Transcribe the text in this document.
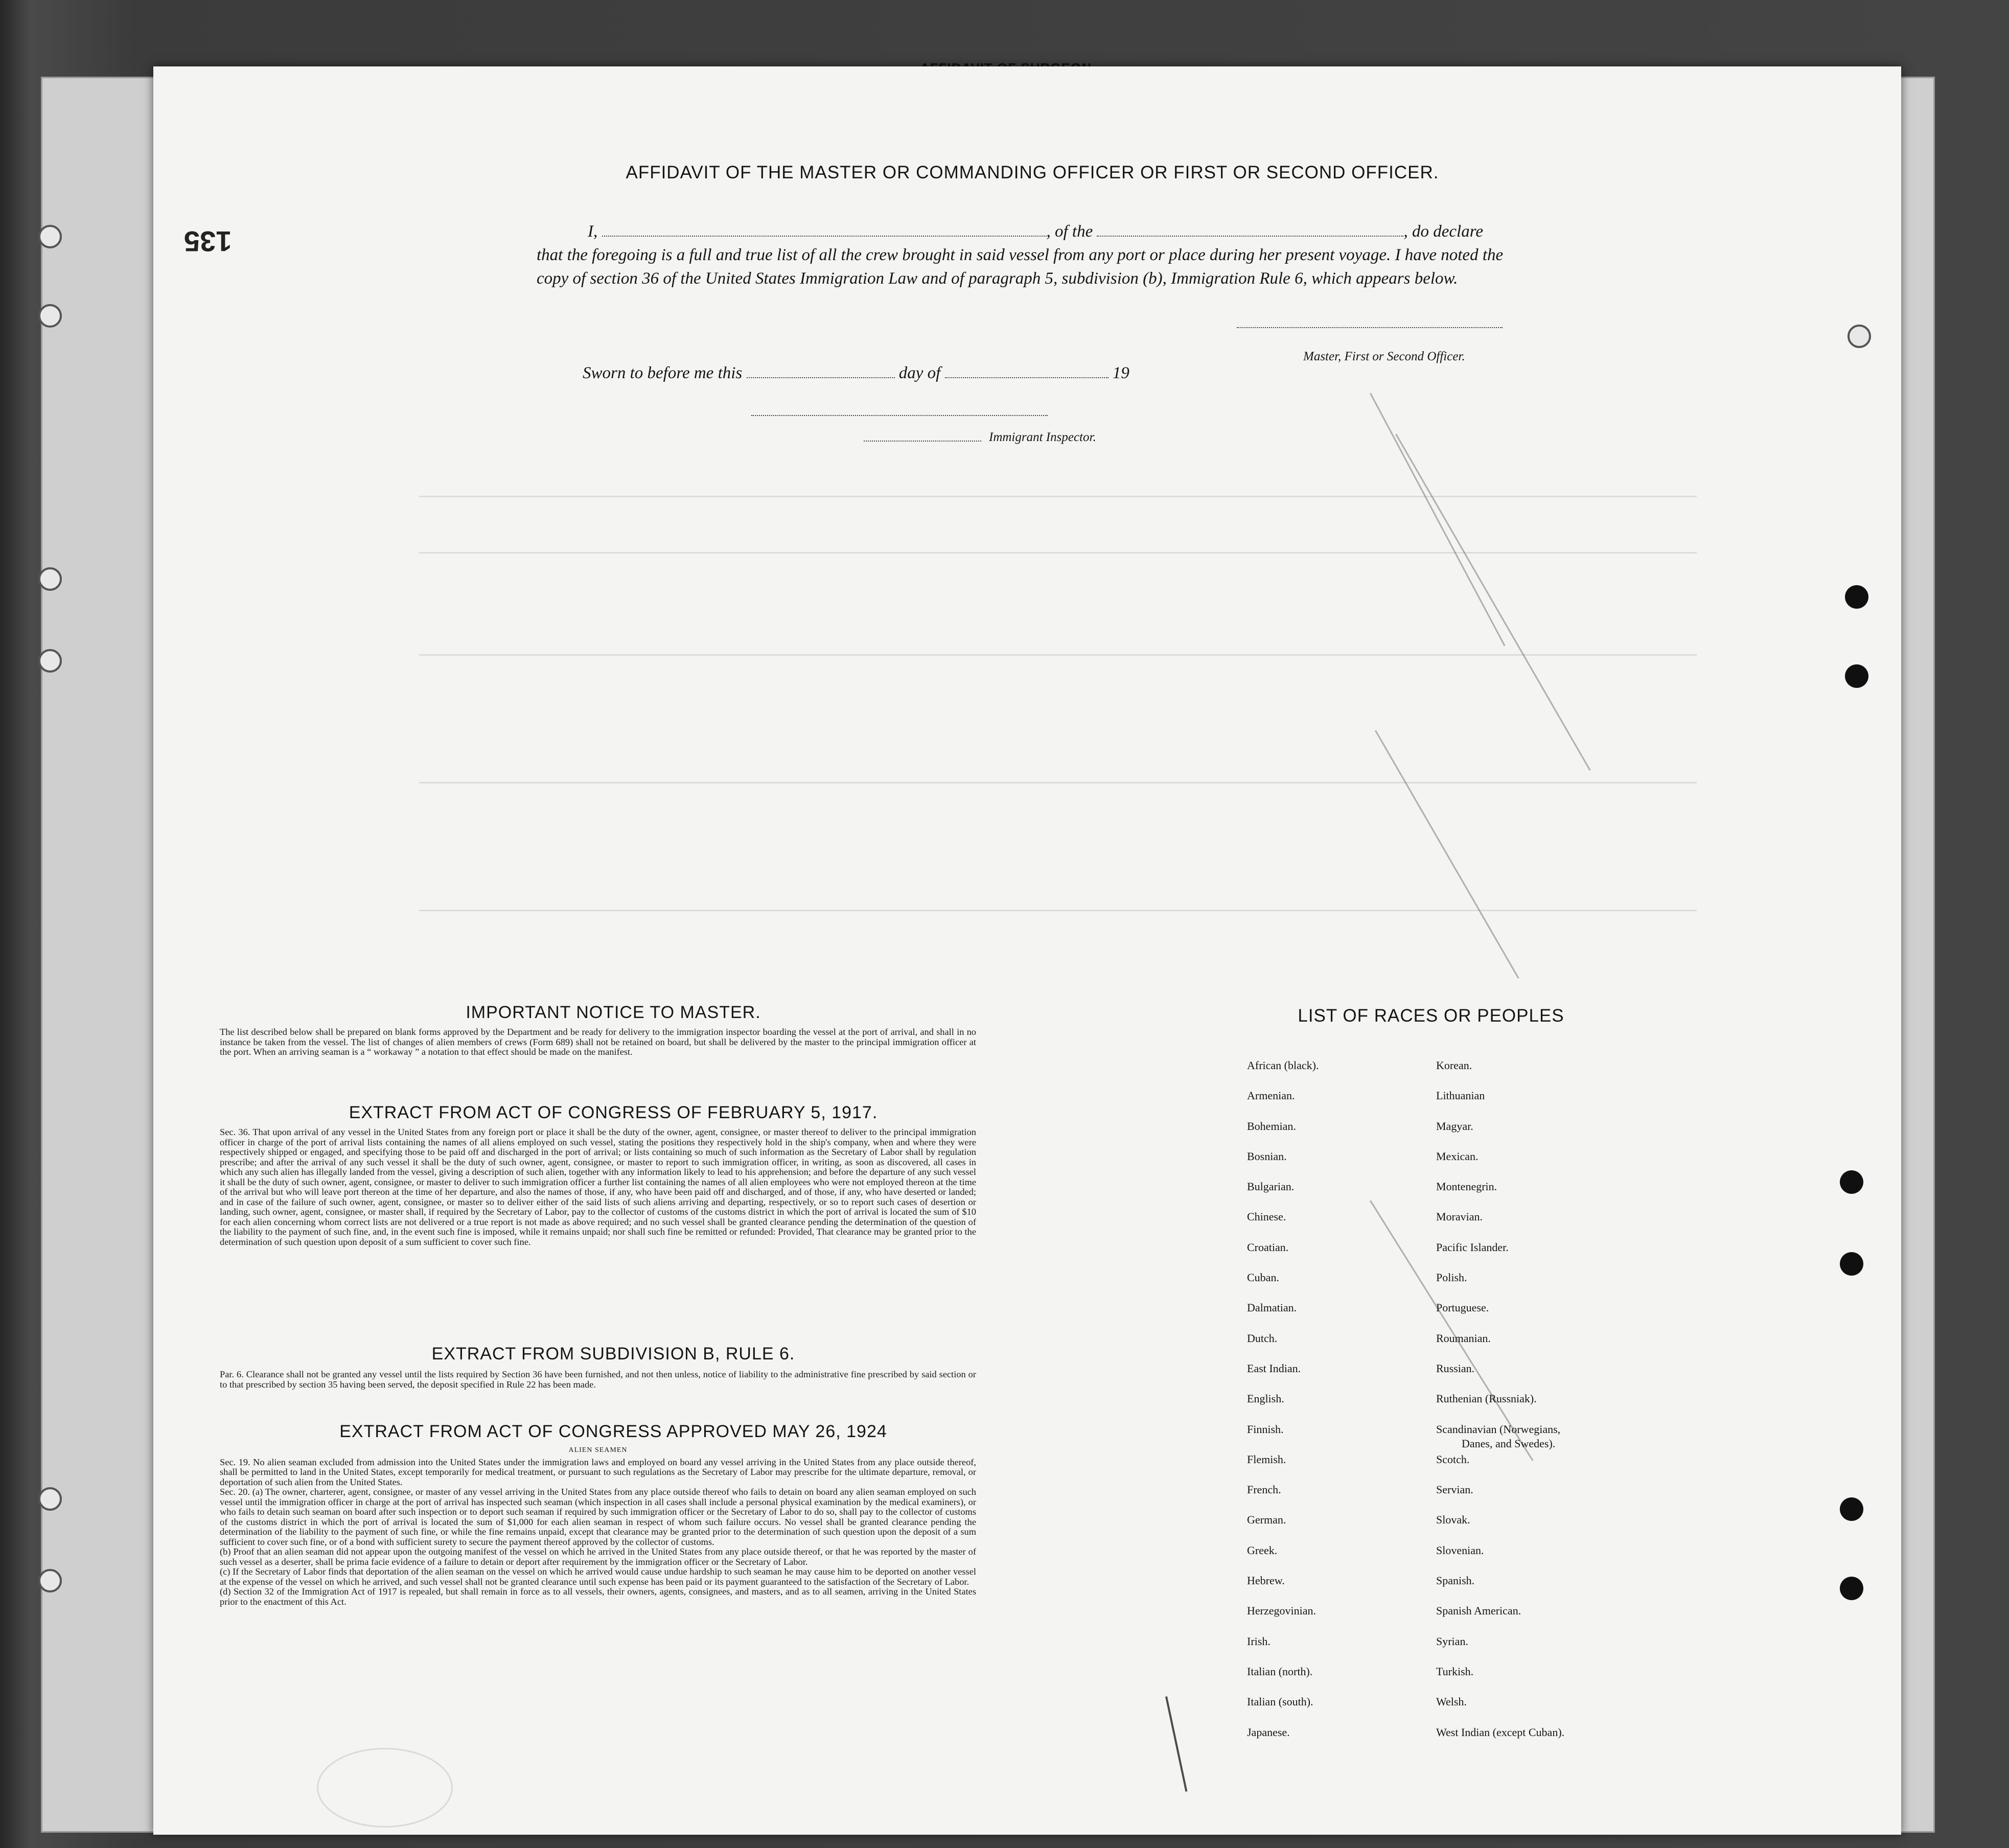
135
AFFIDAVIT OF THE MASTER OR COMMANDING OFFICER OR FIRST OR SECOND OFFICER.
I,	, of the	, do declare
that the foregoing is a full and true list of all the crew brought in said vessel from any port or place during her present voyage. I have noted the copy of section 36 of the United States Immigration Law and of paragraph 5, subdivision (b), Immigration Rule 6, which appears below.
Master, First or Second Officer.
Sworn to before me this	day of	19
Immigrant Inspector.
IMPORTANT NOTICE TO MASTER.
The list described below shall be prepared on blank forms approved by the Department and be ready for delivery to the immigration inspector boarding the vessel at the port of arrival, and shall in no instance be taken from the vessel. The list of changes of alien members of crews (Form 689) shall not be retained on board, but shall be delivered by the master to the principal immigration officer at the port. When an arriving seaman is a “ workaway ” a notation to that effect should be made on the manifest.
EXTRACT FROM ACT OF CONGRESS OF FEBRUARY 5, 1917.
Sec. 36. That upon arrival of any vessel in the United States from any foreign port or place it shall be the duty of the owner, agent, consignee, or master thereof to deliver to the principal immigration officer in charge of the port of arrival lists containing the names of all aliens employed on such vessel, stating the positions they respectively hold in the ship's company, when and where they were respectively shipped or engaged, and specifying those to be paid off and discharged in the port of arrival; or lists containing so much of such information as the Secretary of Labor shall by regulation prescribe; and after the arrival of any such vessel it shall be the duty of such owner, agent, consignee, or master to report to such immigration officer, in writing, as soon as discovered, all cases in which any such alien has illegally landed from the vessel, giving a description of such alien, together with any information likely to lead to his apprehension; and before the departure of any such vessel it shall be the duty of such owner, agent, consignee, or master to deliver to such immigration officer a further list containing the names of all alien employees who were not employed thereon at the time of the arrival but who will leave port thereon at the time of her departure, and also the names of those, if any, who have been paid off and discharged, and of those, if any, who have deserted or landed; and in case of the failure of such owner, agent, consignee, or master so to deliver either of the said lists of such aliens arriving and departing, respectively, or so to report such cases of desertion or landing, such owner, agent, consignee, or master shall, if required by the Secretary of Labor, pay to the collector of customs of the customs district in which the port of arrival is located the sum of $10 for each alien concerning whom correct lists are not delivered or a true report is not made as above required; and no such vessel shall be granted clearance pending the determination of the question of the liability to the payment of such fine, and, in the event such fine is imposed, while it remains unpaid; nor shall such fine be remitted or refunded: Provided, That clearance may be granted prior to the determination of such question upon deposit of a sum sufficient to cover such fine.
EXTRACT FROM SUBDIVISION B, RULE 6.
Par. 6. Clearance shall not be granted any vessel until the lists required by Section 36 have been furnished, and not then unless, notice of liability to the administrative fine prescribed by said section or to that prescribed by section 35 having been served, the deposit specified in Rule 22 has been made.
EXTRACT FROM ACT OF CONGRESS APPROVED MAY 26, 1924
ALIEN SEAMEN
Sec. 19. No alien seaman excluded from admission into the United States under the immigration laws and employed on board any vessel arriving in the United States from any place outside thereof, shall be permitted to land in the United States, except temporarily for medical treatment, or pursuant to such regulations as the Secretary of Labor may prescribe for the ultimate departure, removal, or deportation of such alien from the United States.
Sec. 20. (a) The owner, charterer, agent, consignee, or master of any vessel arriving in the United States from any place outside thereof who fails to detain on board any alien seaman employed on such vessel until the immigration officer in charge at the port of arrival has inspected such seaman (which inspection in all cases shall include a personal physical examination by the medical examiners), or who fails to detain such seaman on board after such inspection or to deport such seaman if required by such immigration officer or the Secretary of Labor to do so, shall pay to the collector of customs of the customs district in which the port of arrival is located the sum of $1,000 for each alien seaman in respect of whom such failure occurs. No vessel shall be granted clearance pending the determination of the liability to the payment of such fine, or while the fine remains unpaid, except that clearance may be granted prior to the determination of such question upon the deposit of a sum sufficient to cover such fine, or of a bond with sufficient surety to secure the payment thereof approved by the collector of customs.
(b) Proof that an alien seaman did not appear upon the outgoing manifest of the vessel on which he arrived in the United States from any place outside thereof, or that he was reported by the master of such vessel as a deserter, shall be prima facie evidence of a failure to detain or deport after requirement by the immigration officer or the Secretary of Labor.
(c) If the Secretary of Labor finds that deportation of the alien seaman on the vessel on which he arrived would cause undue hardship to such seaman he may cause him to be deported on another vessel at the expense of the vessel on which he arrived, and such vessel shall not be granted clearance until such expense has been paid or its payment guaranteed to the satisfaction of the Secretary of Labor.
(d) Section 32 of the Immigration Act of 1917 is repealed, but shall remain in force as to all vessels, their owners, agents, consignees, and masters, and as to all seamen, arriving in the United States prior to the enactment of this Act.
LIST OF RACES OR PEOPLES
African (black).
Armenian.
Bohemian.
Bosnian.
Bulgarian.
Chinese.
Croatian.
Cuban.
Dalmatian.
Dutch.
East Indian.
English.
Finnish.
Flemish.
French.
German.
Greek.
Hebrew.
Herzegovinian.
Irish.
Italian (north).
Italian (south).
Japanese.
Korean.
Lithuanian
Magyar.
Mexican.
Montenegrin.
Moravian.
Pacific Islander.
Polish.
Portuguese.
Roumanian.
Russian.
Ruthenian (Russniak).
Scandinavian (Norwegians,
Danes, and Swedes).
Scotch.
Servian.
Slovak.
Slovenian.
Spanish.
Spanish American.
Syrian.
Turkish.
Welsh.
West Indian (except Cuban).
